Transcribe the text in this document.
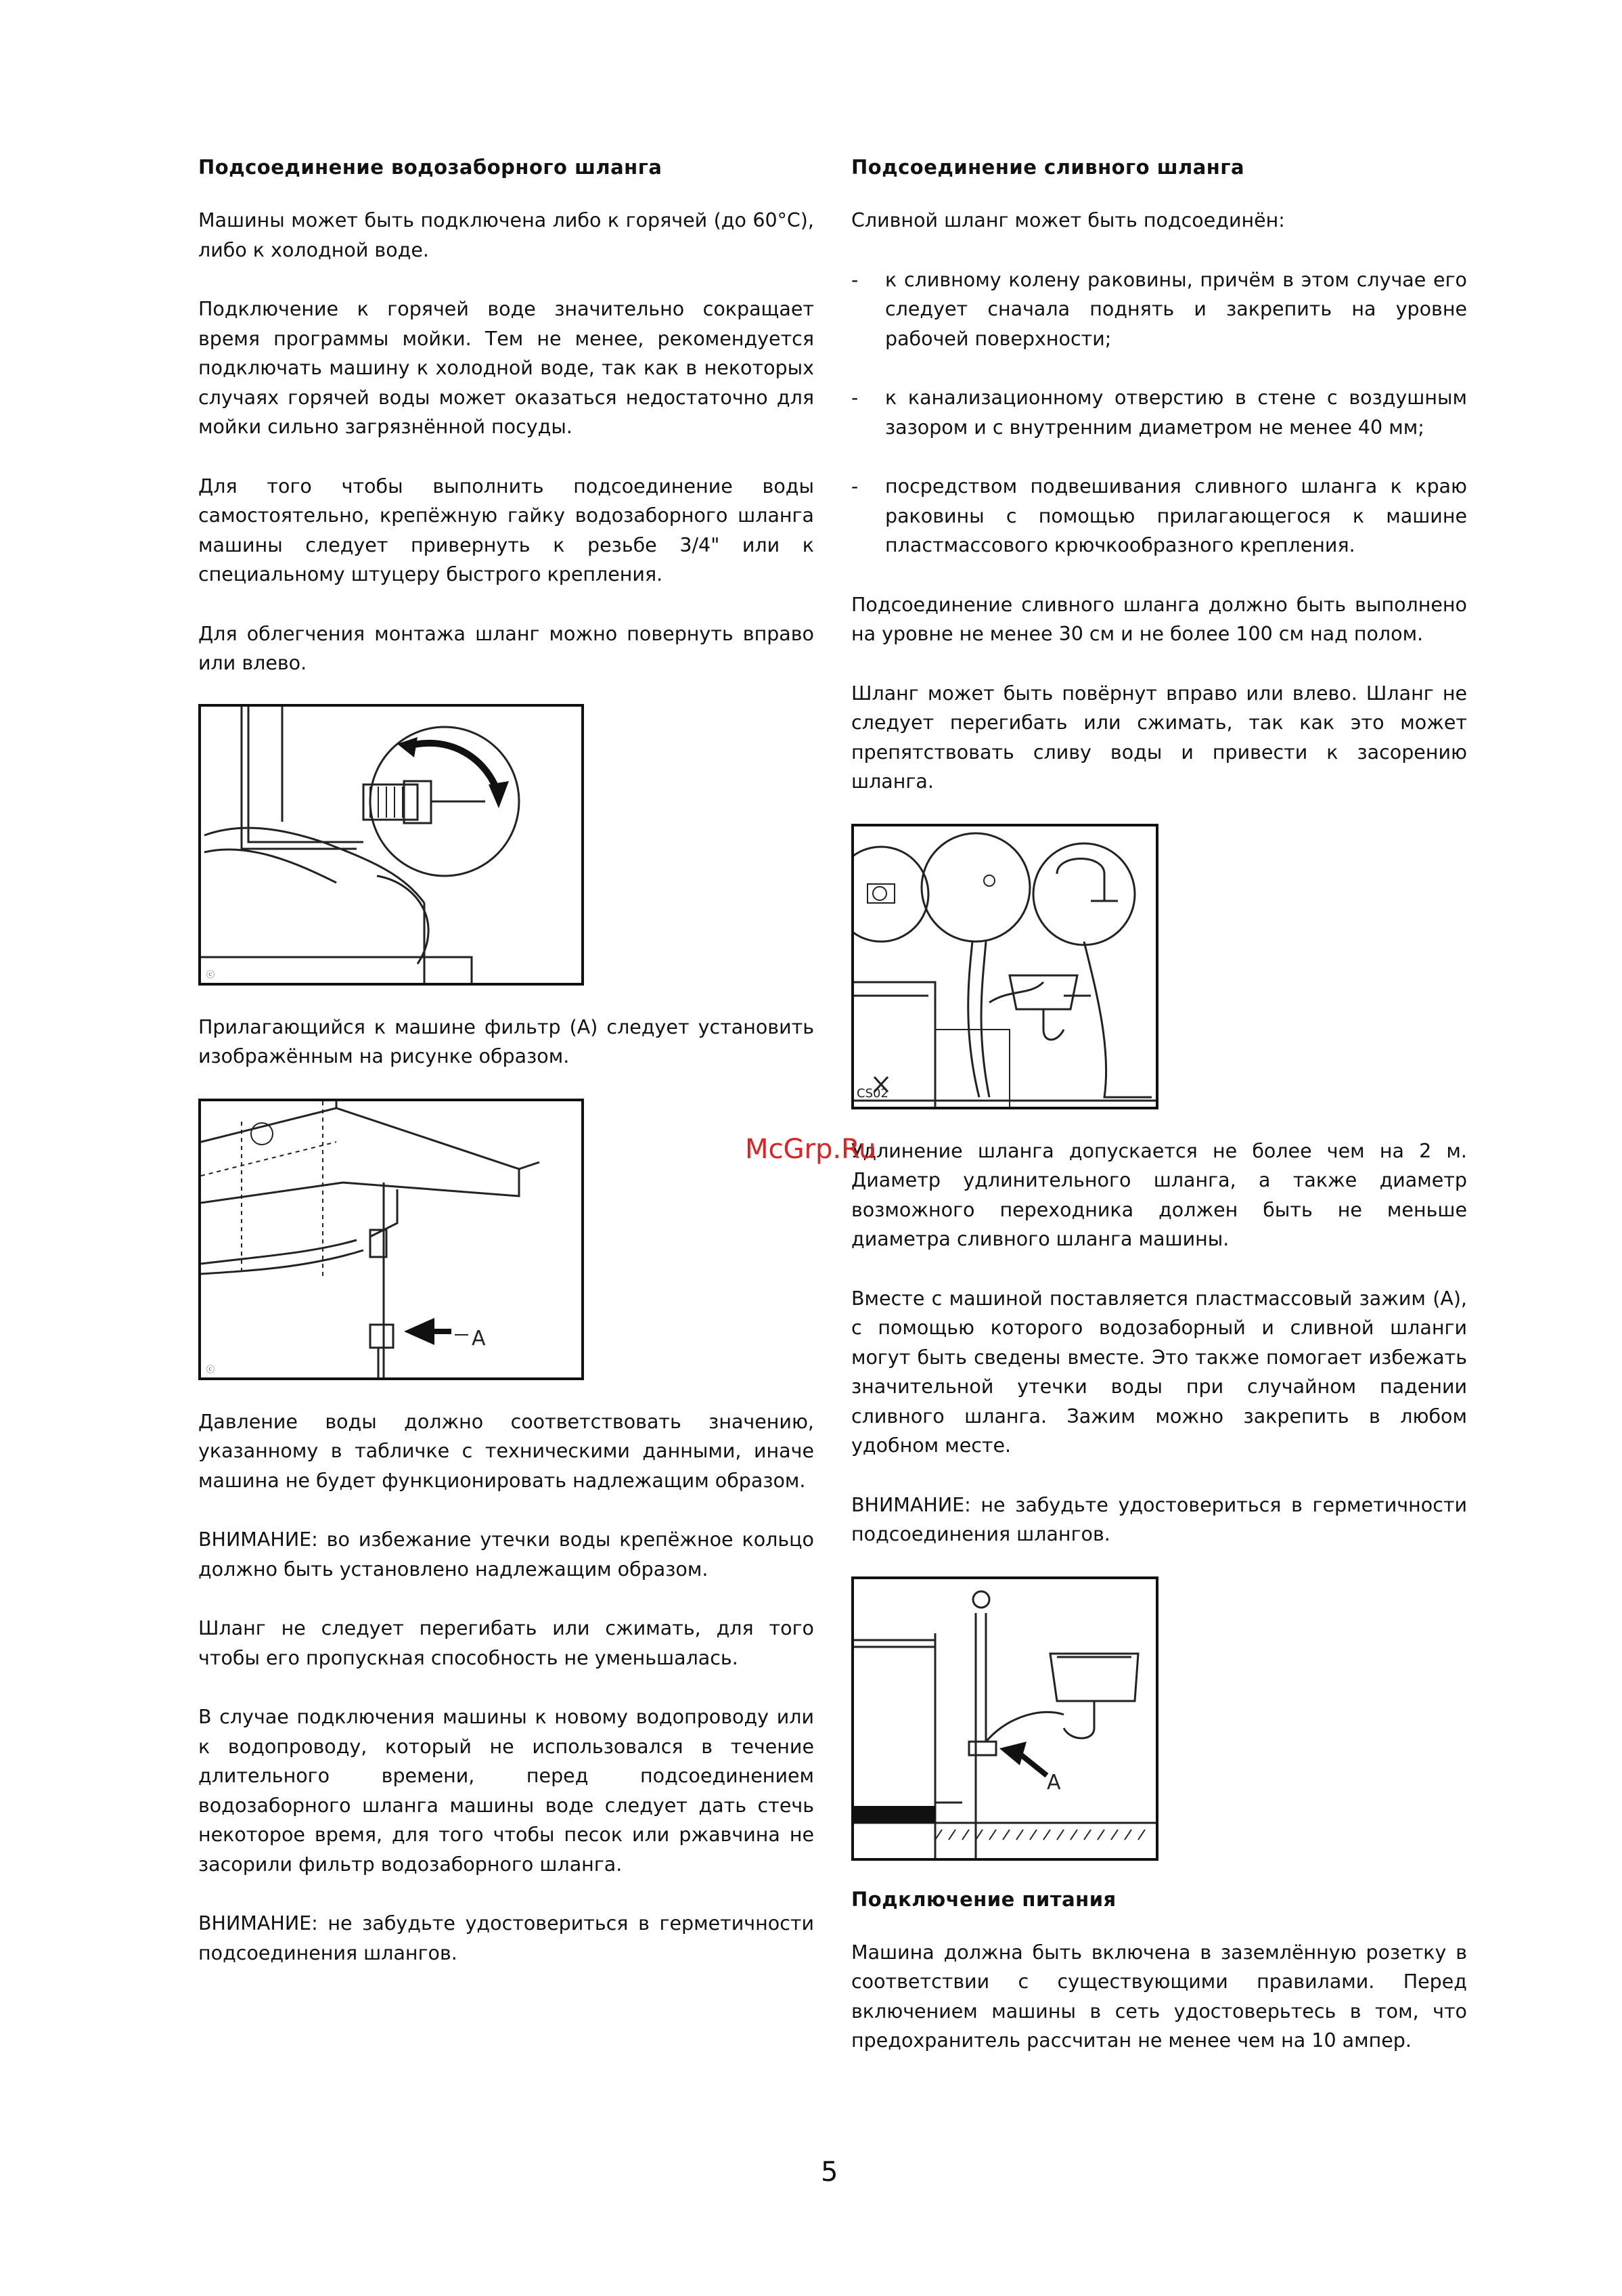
Подсоединение водозаборного шланга

Машины может быть подключена либо к горячей (до 60°С), либо к холодной воде.

Подключение к горячей воде значительно сокращает время программы мойки. Тем не менее, рекомендуется подключать машину к холодной воде, так как в некоторых случаях горячей воды может оказаться недостаточно для мойки сильно загрязнённой посуды.

Для того чтобы выполнить подсоединение воды самостоятельно, крепёжную гайку водозаборного шланга машины следует привернуть к резьбе 3/4" или к специальному штуцеру быстрого крепления.

Для облегчения монтажа шланг можно повернуть вправо или влево.

ⓒ

Прилагающийся к машине фильтр (А) следует установить изображённым на рисунке образом.

A
ⓒ

Давление воды должно соответствовать значению, указанному в табличке с техническими данными, иначе машина не будет функционировать надлежащим образом.

ВНИМАНИЕ: во избежание утечки воды крепёжное кольцо должно быть установлено надлежащим образом.

Шланг не следует перегибать или сжимать, для того чтобы его пропускная способность не уменьшалась.

В случае подключения машины к новому водопроводу или к водопроводу, который не использовался в течение длительного времени, перед подсоединением водозаборного шланга машины воде следует дать стечь некоторое время, для того чтобы песок или ржавчина не засорили фильтр водозаборного шланга.

ВНИМАНИЕ: не забудьте удостовериться в герметичности подсоединения шлангов.

Подсоединение сливного шланга

Сливной шланг может быть подсоединён:

-	к сливному колену раковины, причём в этом случае его следует сначала поднять и закрепить на уровне рабочей поверхности;

-	к канализационному отверстию в стене с воздушным зазором и с внутренним диаметром не менее 40 мм;

-	посредством подвешивания сливного шланга к краю раковины с помощью прилагающегося к машине пластмассового крючкообразного крепления.

Подсоединение сливного шланга должно быть выполнено на уровне не менее 30 см и не более 100 см над полом.

Шланг может быть повёрнут вправо или влево. Шланг не следует перегибать или сжимать, так как это может препятствовать сливу воды и привести к засорению шланга.

CS02

Удлинение шланга допускается не более чем на 2 м. Диаметр удлинительного шланга, а также диаметр возможного переходника должен быть не меньше диаметра сливного шланга машины.

Вместе с машиной поставляется пластмассовый зажим (А), с помощью которого водозаборный и сливной шланги могут быть сведены вместе. Это также помогает избежать значительной утечки воды при случайном падении сливного шланга. Зажим можно закрепить в любом удобном месте.

ВНИМАНИЕ: не забудьте удостовериться в герметичности подсоединения шлангов.

A
Подключение питания

Машина должна быть включена в заземлённую розетку в соответствии с существующими правилами. Перед включением машины в сеть удостоверьтесь в том, что предохранитель рассчитан не менее чем на 10 ампер.

McGrp.Ru
5
